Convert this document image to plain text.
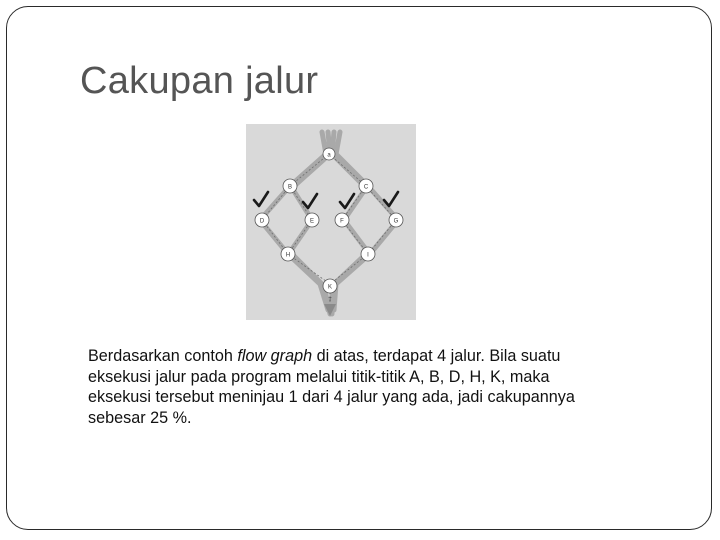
Cakupan jalur
a
B	C
D	E	F	G
H	I
K
T
Berdasarkan contoh flow graph di atas, terdapat 4 jalur. Bila suatu
eksekusi jalur pada program melalui titik-titik A, B, D, H, K, maka
eksekusi tersebut meninjau 1 dari 4 jalur yang ada, jadi cakupannya
sebesar 25 %.
